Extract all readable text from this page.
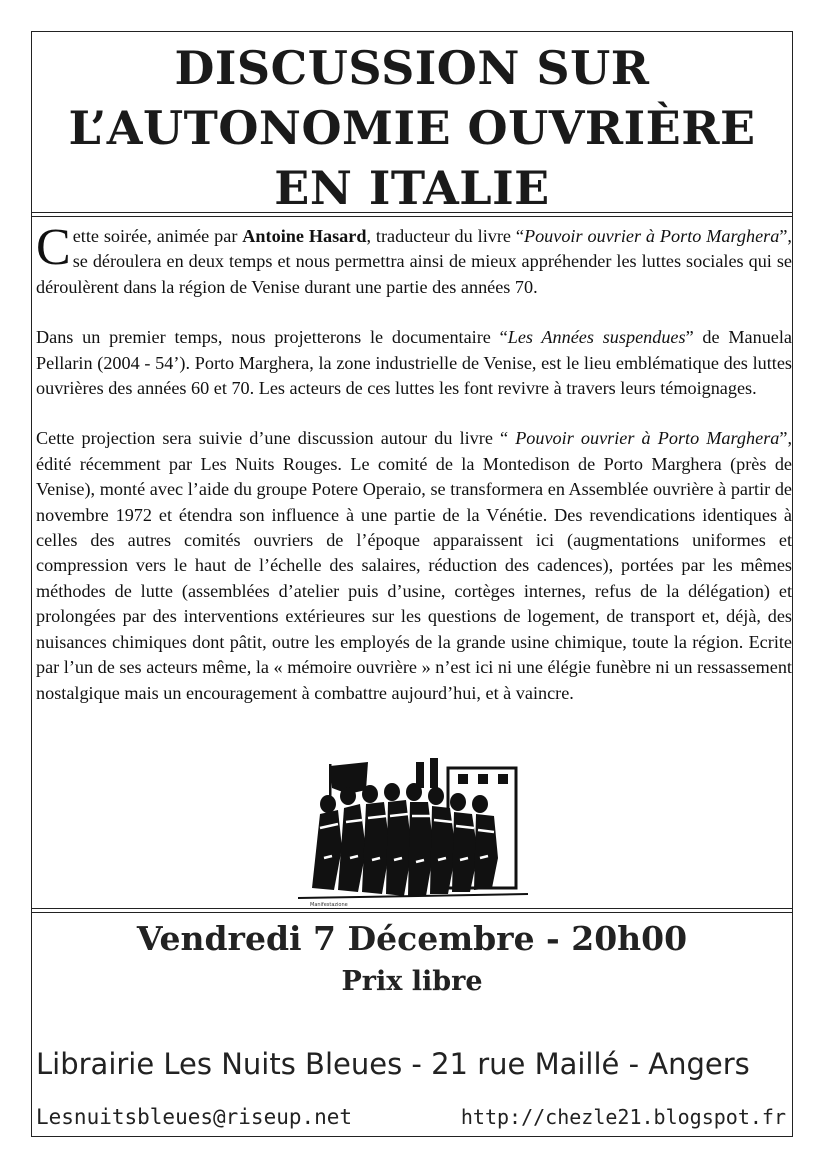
DISCUSSION SUR
L’AUTONOMIE OUVRIÈRE
EN ITALIE

Cette soirée, animée par Antoine Hasard, traducteur du livre “Pouvoir ouvrier à Porto Marghera”, se déroulera en deux temps et nous permettra ainsi de mieux appréhender les luttes sociales qui se déroulèrent dans la région de Venise durant une partie des années 70.

Dans un premier temps, nous projetterons le documentaire “Les Années suspendues” de Manuela Pellarin (2004 - 54’). Porto Marghera, la zone industrielle de Venise, est le lieu emblématique des luttes ouvrières des années 60 et 70. Les acteurs de ces luttes les font revivre à travers leurs témoignages.

Cette projection sera suivie d’une discussion autour du livre “ Pouvoir ouvrier à Porto Marghera”, édité récemment par Les Nuits Rouges. Le comité de la Montedison de Porto Marghera (près de Venise), monté avec l’aide du groupe Potere Operaio, se transformera en Assemblée ouvrière à partir de novembre 1972 et étendra son influence à une partie de la Vénétie. Des revendications identiques à celles des autres comités ouvriers de l’époque apparaissent ici (augmentations uniformes et compression vers le haut de l’échelle des salaires, réduction des cadences), portées par les mêmes méthodes de lutte (assemblées d’atelier puis d’usine, cortèges internes, refus de la délégation) et prolongées par des interventions extérieures sur les questions de logement, de transport et, déjà, des nuisances chimiques dont pâtit, outre les employés de la grande usine chimique, toute la région. Ecrite par l’un de ses acteurs même, la « mémoire ouvrière » n’est ici ni une élégie funèbre ni un ressassement nostalgique mais un encouragement à combattre aujourd’hui, et à vaincre.

Manifestazione
Vendredi 7 Décembre - 20h00
Prix libre
Librairie Les Nuits Bleues - 21 rue Maillé - Angers
Lesnuitsbleues@riseup.net	http://chezle21.blogspot.fr
